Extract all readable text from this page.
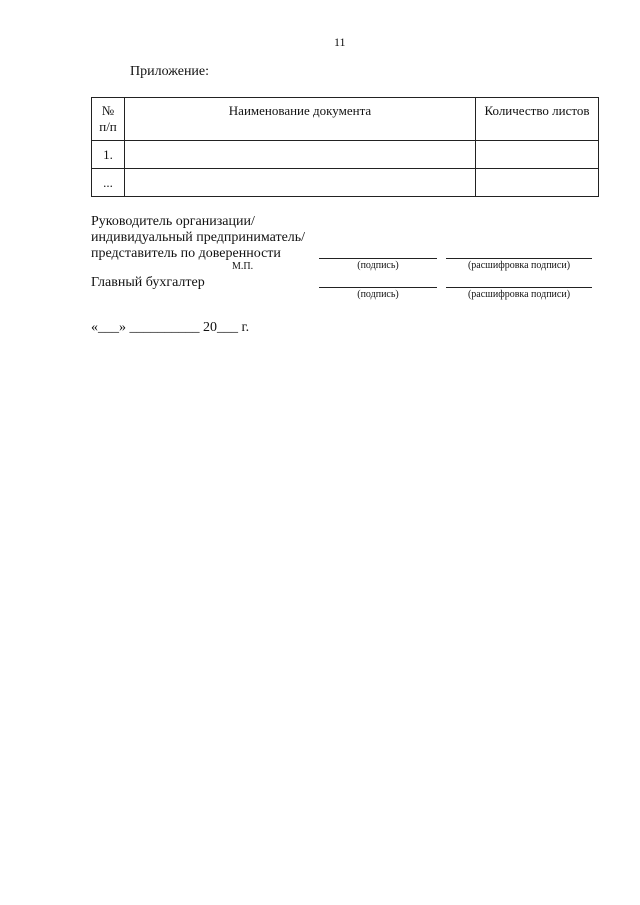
11
Приложение:
№
п/п	Наименование документа	Количество листов
1.		
...		
Руководитель организации/
индивидуальный предприниматель/
представитель по доверенности
М.П.	(подпись)	(расшифровка подписи)
Главный бухгалтер
(подпись)	(расшифровка подписи)
«___» __________ 20___ г.
